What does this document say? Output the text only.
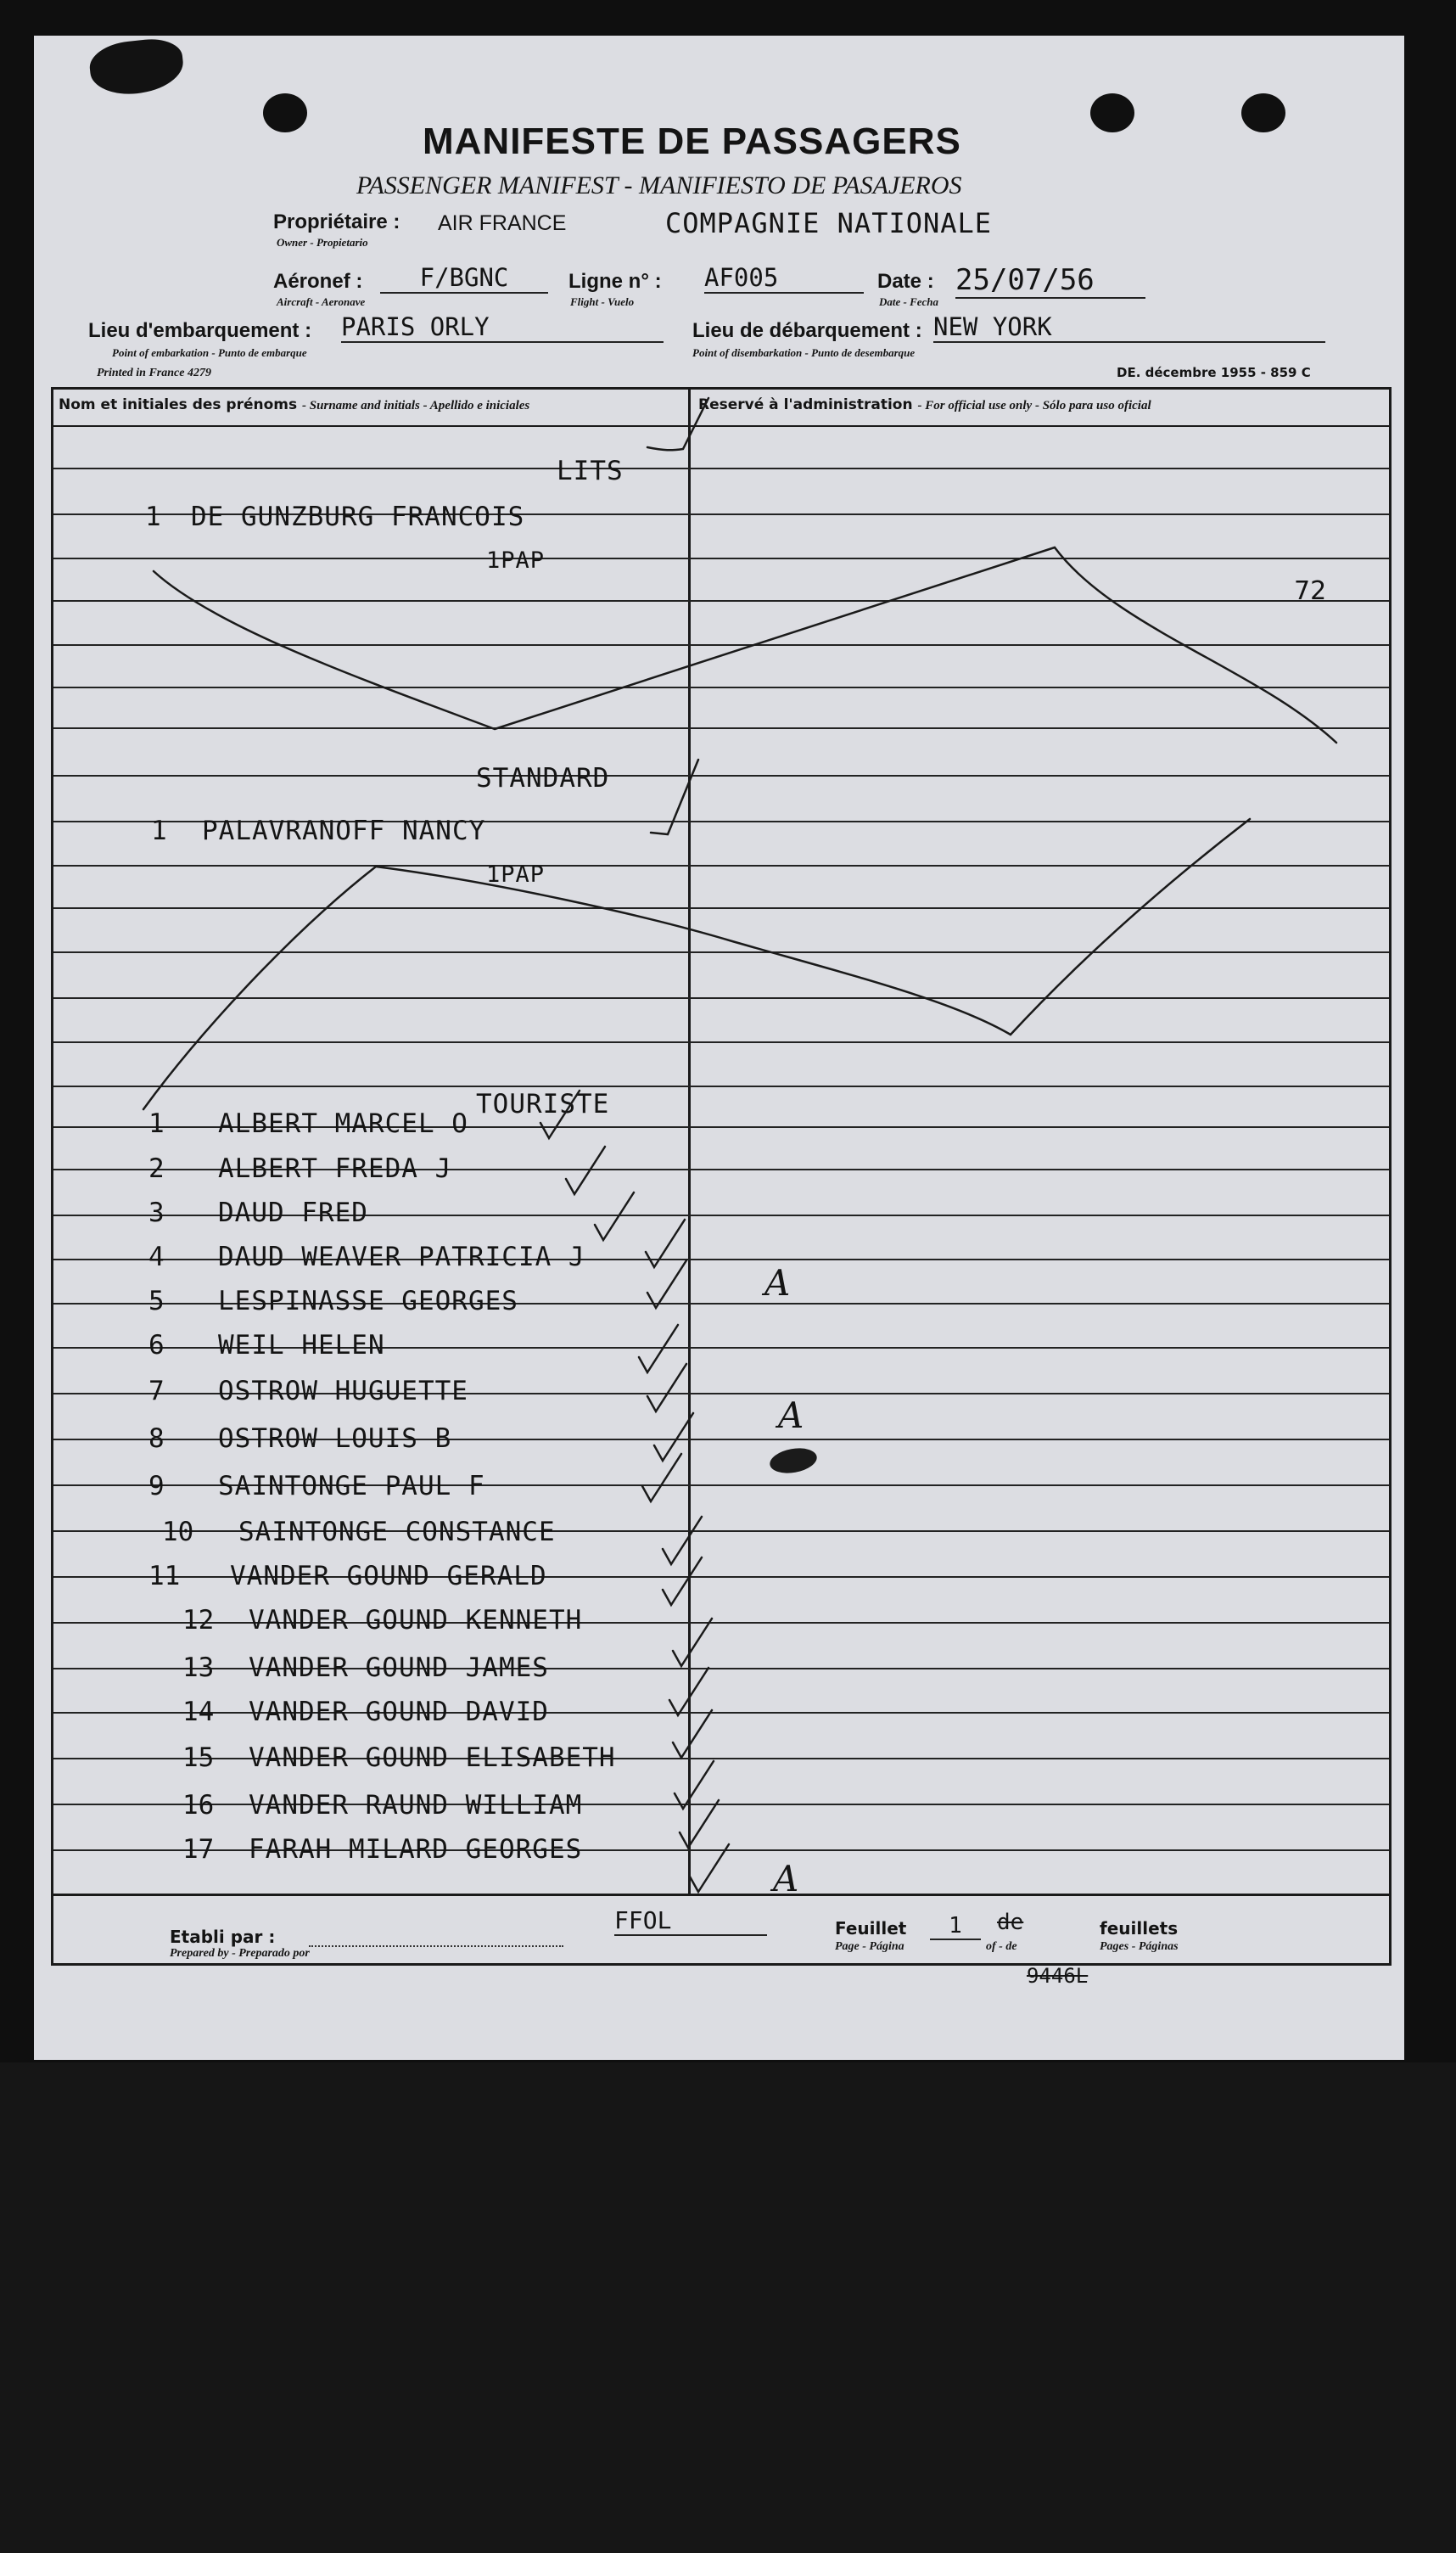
MANIFESTE DE PASSAGERS
PASSENGER MANIFEST - MANIFIESTO DE PASAJEROS
Propriétaire : AIR FRANCE	COMPAGNIE NATIONALE
Owner - Propietario
Aéronef :	F/BGNC
Aircraft - Aeronave
Ligne n° : AF005
Flight - Vuelo
Date : 25/07/56
Date - Fecha
Lieu d'embarquement : PARIS ORLY
Point of embarkation - Punto de embarque
Lieu de débarquement : NEW YORK
Point of disembarkation - Punto de desembarque
Printed in France 4279	DE. décembre 1955 - 859 C
Nom et initiales des prénoms - Surname and initials - Apellido e iniciales	Reservé à l'administration - For official use only - Sólo para uso oficial
LITS
1 DE GUNZBURG FRANCOIS
1PAP
72
STANDARD
1 PALAVRANOFF NANCY
1PAP
TOURISTE
1 ALBERT MARCEL O
2 ALBERT FREDA J
3 DAUD FRED
4 DAUD WEAVER PATRICIA J
5 LESPINASSE GEORGES
6 WEIL HELEN
7 OSTROW HUGUETTE
8 OSTROW LOUIS B
9 SAINTONGE PAUL F
10 SAINTONGE CONSTANCE
11 VANDER GOUND GERALD
12 VANDER GOUND KENNETH
13 VANDER GOUND JAMES
14 VANDER GOUND DAVID
15 VANDER GOUND ELISABETH
16 VANDER RAUND WILLIAM
17 FARAH MILARD GEORGES
A
A
A
Etabli par :
Prepared by - Preparado por
FFOL	Feuillet	1	de	feuillets
Page - Página	of - de	Pages - Páginas
9446L
